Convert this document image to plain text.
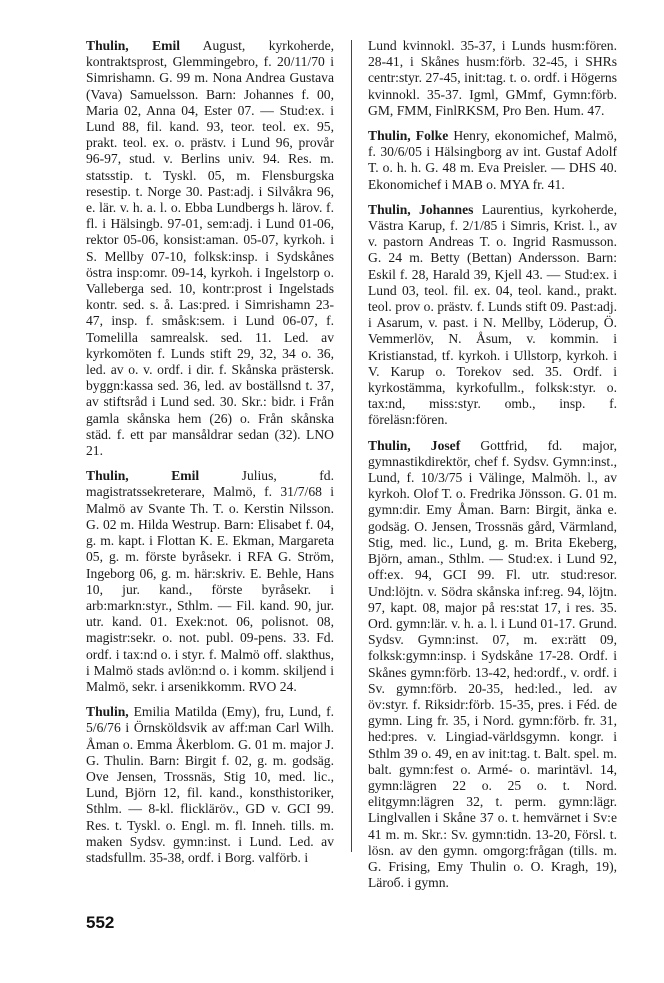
Thulin, Emil August, kyrkoherde, kontraktsprost, Glemmingebro, f. 20/11/70 i Simrishamn. G. 99 m. Nona Andrea Gustava (Vava) Samuelsson. Barn: Johannes f. 00, Maria 02, Anna 04, Ester 07. — Stud:ex. i Lund 88, fil. kand. 93, teor. teol. ex. 95, prakt. teol. ex. o. prästv. i Lund 96, provår 96-97, stud. v. Berlins univ. 94. Res. m. statsstip. t. Tyskl. 05, m. Flensburgska resestip. t. Norge 30. Past:adj. i Silvåkra 96, e. lär. v. h. a. l. o. Ebba Lundbergs h. lärov. f. fl. i Hälsingb. 97-01, sem:adj. i Lund 01-06, rektor 05-06, konsist:aman. 05-07, kyrkoh. i S. Mellby 07-10, folksk:insp. i Sydskånes östra insp:omr. 09-14, kyrkoh. i Ingelstorp o. Valleberga sed. 10, kontr:prost i Ingelstads kontr. sed. s. å. Las:pred. i Simrishamn 23-47, insp. f. småsk:sem. i Lund 06-07, f. Tomelilla samrealsk. sed. 11. Led. av kyrkomöten f. Lunds stift 29, 32, 34 o. 36, led. av o. v. ordf. i dir. f. Skånska prästersk. byggn:kassa sed. 36, led. av boställsnd t. 37, av stiftsråd i Lund sed. 30. Skr.: bidr. i Från gamla skånska hem (26) o. Från skånska städ. f. ett par mansåldrar sedan (32). LNO 21.
Thulin, Emil Julius, fd. magistratssekreterare, Malmö, f. 31/7/68 i Malmö av Svante Th. T. o. Kerstin Nilsson. G. 02 m. Hilda Westrup. Barn: Elisabet f. 04, g. m. kapt. i Flottan K. E. Ekman, Margareta 05, g. m. förste byråsekr. i RFA G. Ström, Ingeborg 06, g. m. här:skriv. E. Behle, Hans 10, jur. kand., förste byråsekr. i arb:markn:styr., Sthlm. — Fil. kand. 90, jur. utr. kand. 01. Exek:not. 06, polisnot. 08, magistr:sekr. o. not. publ. 09-pens. 33. Fd. ordf. i tax:nd o. i styr. f. Malmö off. slakthus, i Malmö stads avlön:nd o. i komm. skiljend i Malmö, sekr. i arsenikkomm. RVO 24.
Thulin, Emilia Matilda (Emy), fru, Lund, f. 5/6/76 i Örnsköldsvik av aff:man Carl Wilh. Åman o. Emma Åkerblom. G. 01 m. major J. G. Thulin. Barn: Birgit f. 02, g. m. godsäg. Ove Jensen, Trossnäs, Stig 10, med. lic., Lund, Björn 12, fil. kand., konsthistoriker, Sthlm. — 8-kl. flickläröv., GD v. GCI 99. Res. t. Tyskl. o. Engl. m. fl. Inneh. tills. m. maken Sydsv. gymn:inst. i Lund. Led. av stadsfullm. 35-38, ordf. i Borg. valförb. i
Lund kvinnokl. 35-37, i Lunds husm:fören. 28-41, i Skånes husm:förb. 32-45, i SHRs centr:styr. 27-45, init:tag. t. o. ordf. i Högerns kvinnokl. 35-37. Igml, GMmf, Gymn:förb. GM, FMM, FinlRKSM, Pro Ben. Hum. 47.
Thulin, Folke Henry, ekonomichef, Malmö, f. 30/6/05 i Hälsingborg av int. Gustaf Adolf T. o. h. h. G. 48 m. Eva Preisler. — DHS 40. Ekonomichef i MAB o. MYA fr. 41.
Thulin, Johannes Laurentius, kyrkoherde, Västra Karup, f. 2/1/85 i Simris, Krist. l., av v. pastorn Andreas T. o. Ingrid Rasmusson. G. 24 m. Betty (Bettan) Andersson. Barn: Eskil f. 28, Harald 39, Kjell 43. — Stud:ex. i Lund 03, teol. fil. ex. 04, teol. kand., prakt. teol. prov o. prästv. f. Lunds stift 09. Past:adj. i Asarum, v. past. i N. Mellby, Löderup, Ö. Vemmerlöv, N. Åsum, v. kommin. i Kristianstad, tf. kyrkoh. i Ullstorp, kyrkoh. i V. Karup o. Torekov sed. 35. Ordf. i kyrkostämma, kyrkofullm., folksk:styr. o. tax:nd, miss:styr. omb., insp. f. föreläsn:fören.
Thulin, Josef Gottfrid, fd. major, gymnastikdirektör, chef f. Sydsv. Gymn:inst., Lund, f. 10/3/75 i Välinge, Malmöh. l., av kyrkoh. Olof T. o. Fredrika Jönsson. G. 01 m. gymn:dir. Emy Åman. Barn: Birgit, änka e. godsäg. O. Jensen, Trossnäs gård, Värmland, Stig, med. lic., Lund, g. m. Brita Ekeberg, Björn, aman., Sthlm. — Stud:ex. i Lund 92, off:ex. 94, GCI 99. Fl. utr. stud:resor. Und:löjtn. v. Södra skånska inf:reg. 94, löjtn. 97, kapt. 08, major på res:stat 17, i res. 35. Ord. gymn:lär. v. h. a. l. i Lund 01-17. Grund. Sydsv. Gymn:inst. 07, m. ex:rätt 09, folksk:gymn:insp. i Sydskåne 17-28. Ordf. i Skånes gymn:förb. 13-42, hed:ordf., v. ordf. i Sv. gymn:förb. 20-35, hed:led., led. av öv:styr. f. Riksidr:förb. 15-35, pres. i Féd. de gymn. Ling fr. 35, i Nord. gymn:förb. fr. 31, hed:pres. v. Lingiad-världsgymn. kongr. i Sthlm 39 o. 49, en av init:tag. t. Balt. spel. m. balt. gymn:fest o. Armé- o. marintävl. 14, gymn:lägren 22 o. 25 o. t. Nord. elitgymn:lägren 32, t. perm. gymn:lägr. Linglvallen i Skåne 37 o. t. hemvärnet i Sv:e 41 m. m. Skr.: Sv. gymn:tidn. 13-20, Försl. t. lösn. av den gymn. omgorg:frågan (tills. m. G. Frising, Emy Thulin o. O. Kragh, 19), Läroб. i gymn.
552
